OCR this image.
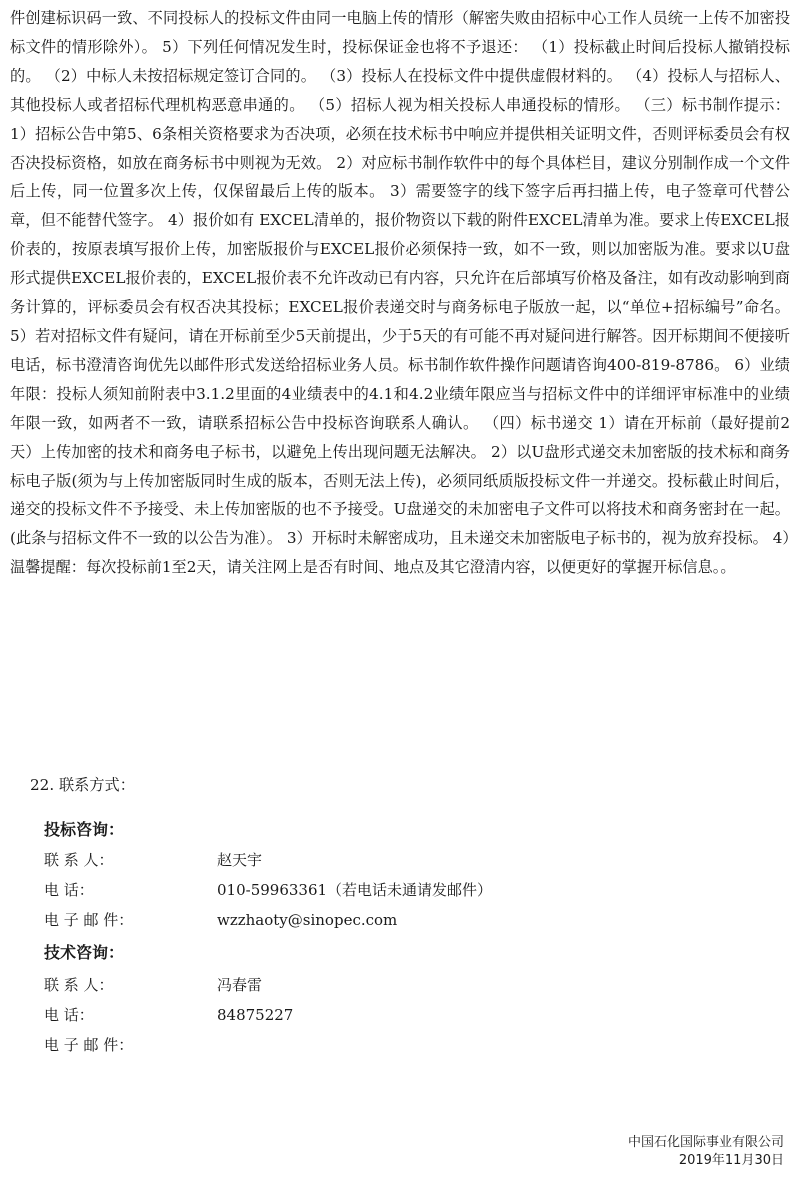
件创建标识码一致、不同投标人的投标文件由同一电脑上传的情形（解密失败由招标中心工作人员统一上传不加密投标文件的情形除外）。 5）下列任何情况发生时，投标保证金也将不予退还： （1）投标截止时间后投标人撤销投标的。 （2）中标人未按招标规定签订合同的。 （3）投标人在投标文件中提供虚假材料的。 （4）投标人与招标人、其他投标人或者招标代理机构恶意串通的。 （5）招标人视为相关投标人串通投标的情形。 （三）标书制作提示： 1）招标公告中第5、6条相关资格要求为否决项，必须在技术标书中响应并提供相关证明文件，否则评标委员会有权否决投标资格，如放在商务标书中则视为无效。 2）对应标书制作软件中的每个具体栏目，建议分别制作成一个文件后上传，同一位置多次上传，仅保留最后上传的版本。 3）需要签字的线下签字后再扫描上传，电子签章可代替公章，但不能替代签字。 4）报价如有 EXCEL清单的，报价物资以下载的附件EXCEL清单为准。要求上传EXCEL报价表的，按原表填写报价上传，加密版报价与EXCEL报价必须保持一致，如不一致，则以加密版为准。要求以U盘形式提供EXCEL报价表的，EXCEL报价表不允许改动已有内容，只允许在后部填写价格及备注，如有改动影响到商务计算的，评标委员会有权否决其投标；EXCEL报价表递交时与商务标电子版放一起，以“单位+招标编号”命名。 5）若对招标文件有疑问，请在开标前至少5天前提出，少于5天的有可能不再对疑问进行解答。因开标期间不便接听电话，标书澄清咨询优先以邮件形式发送给招标业务人员。标书制作软件操作问题请咨询400-819-8786。 6）业绩年限：投标人须知前附表中3.1.2里面的4业绩表中的4.1和4.2业绩年限应当与招标文件中的详细评审标准中的业绩年限一致，如两者不一致，请联系招标公告中投标咨询联系人确认。 （四）标书递交 1）请在开标前（最好提前2天）上传加密的技术和商务电子标书，以避免上传出现问题无法解决。 2）以U盘形式递交未加密版的技术标和商务标电子版(须为与上传加密版同时生成的版本，否则无法上传)，必须同纸质版投标文件一并递交。投标截止时间后，递交的投标文件不予接受、未上传加密版的也不予接受。U盘递交的未加密电子文件可以将技术和商务密封在一起。(此条与招标文件不一致的以公告为准）。 3）开标时未解密成功，且未递交未加密版电子标书的，视为放弃投标。 4）温馨提醒：每次投标前1至2天，请关注网上是否有时间、地点及其它澄清内容，以便更好的掌握开标信息。。

22. 联系方式：

投标咨询：

联 系 人：	赵天宇
电 话：	010-59963361（若电话未通请发邮件）
电 子 邮 件：	wzzhaoty@sinopec.com

技术咨询：

联 系 人：	冯春雷
电 话：	84875227
电 子 邮 件：
中国石化国际事业有限公司
2019年11月30日
